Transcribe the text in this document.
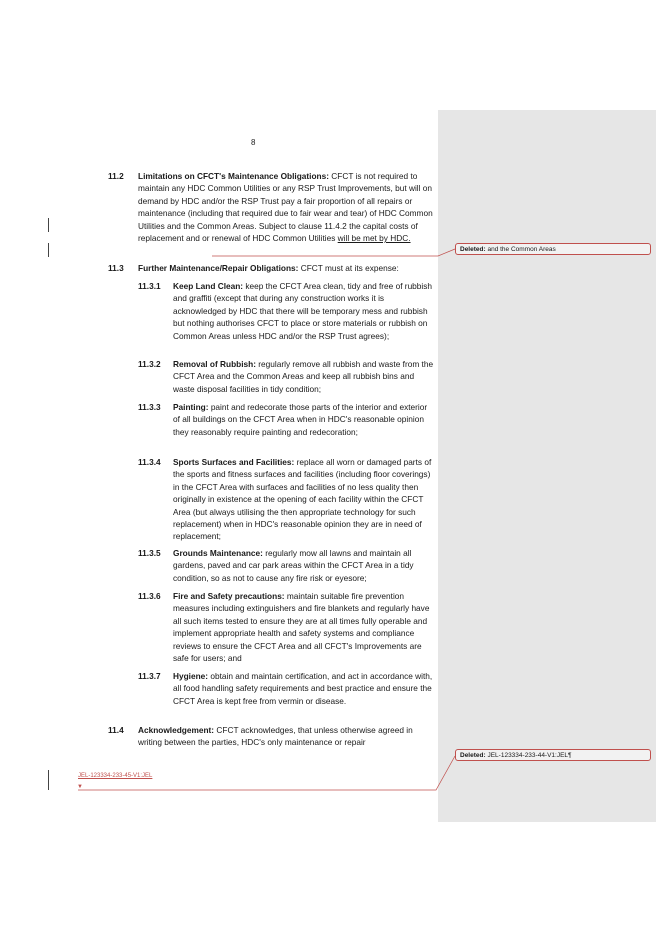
8
11.2 Limitations on CFCT's Maintenance Obligations: CFCT is not required to maintain any HDC Common Utilities or any RSP Trust Improvements, but will on demand by HDC and/or the RSP Trust pay a fair proportion of all repairs or maintenance (including that required due to fair wear and tear) of HDC Common Utilities and the Common Areas. Subject to clause 11.4.2 the capital costs of replacement and or renewal of HDC Common Utilities will be met by HDC.
11.3 Further Maintenance/Repair Obligations: CFCT must at its expense:
11.3.1 Keep Land Clean: keep the CFCT Area clean, tidy and free of rubbish and graffiti (except that during any construction works it is acknowledged by HDC that there will be temporary mess and rubbish but nothing authorises CFCT to place or store materials or rubbish on Common Areas unless HDC and/or the RSP Trust agrees);
11.3.2 Removal of Rubbish: regularly remove all rubbish and waste from the CFCT Area and the Common Areas and keep all rubbish bins and waste disposal facilities in tidy condition;
11.3.3 Painting: paint and redecorate those parts of the interior and exterior of all buildings on the CFCT Area when in HDC's reasonable opinion they reasonably require painting and redecoration;
11.3.4 Sports Surfaces and Facilities: replace all worn or damaged parts of the sports and fitness surfaces and facilities (including floor coverings) in the CFCT Area with surfaces and facilities of no less quality then originally in existence at the opening of each facility within the CFCT Area (but always utilising the then appropriate technology for such replacement) when in HDC's reasonable opinion they are in need of replacement;
11.3.5 Grounds Maintenance: regularly mow all lawns and maintain all gardens, paved and car park areas within the CFCT Area in a tidy condition, so as not to cause any fire risk or eyesore;
11.3.6 Fire and Safety precautions: maintain suitable fire prevention measures including extinguishers and fire blankets and regularly have all such items tested to ensure they are at all times fully operable and implement appropriate health and safety systems and compliance reviews to ensure the CFCT Area and all CFCT's Improvements are safe for users; and
11.3.7 Hygiene: obtain and maintain certification, and act in accordance with, all food handling safety requirements and best practice and ensure the CFCT Area is kept free from vermin or disease.
11.4 Acknowledgement: CFCT acknowledges, that unless otherwise agreed in writing between the parties, HDC's only maintenance or repair
Deleted: and the Common Areas
Deleted: JEL-123334-233-44-V1:JEL¶
JEL-123334-233-45-V1:JEL
▼
